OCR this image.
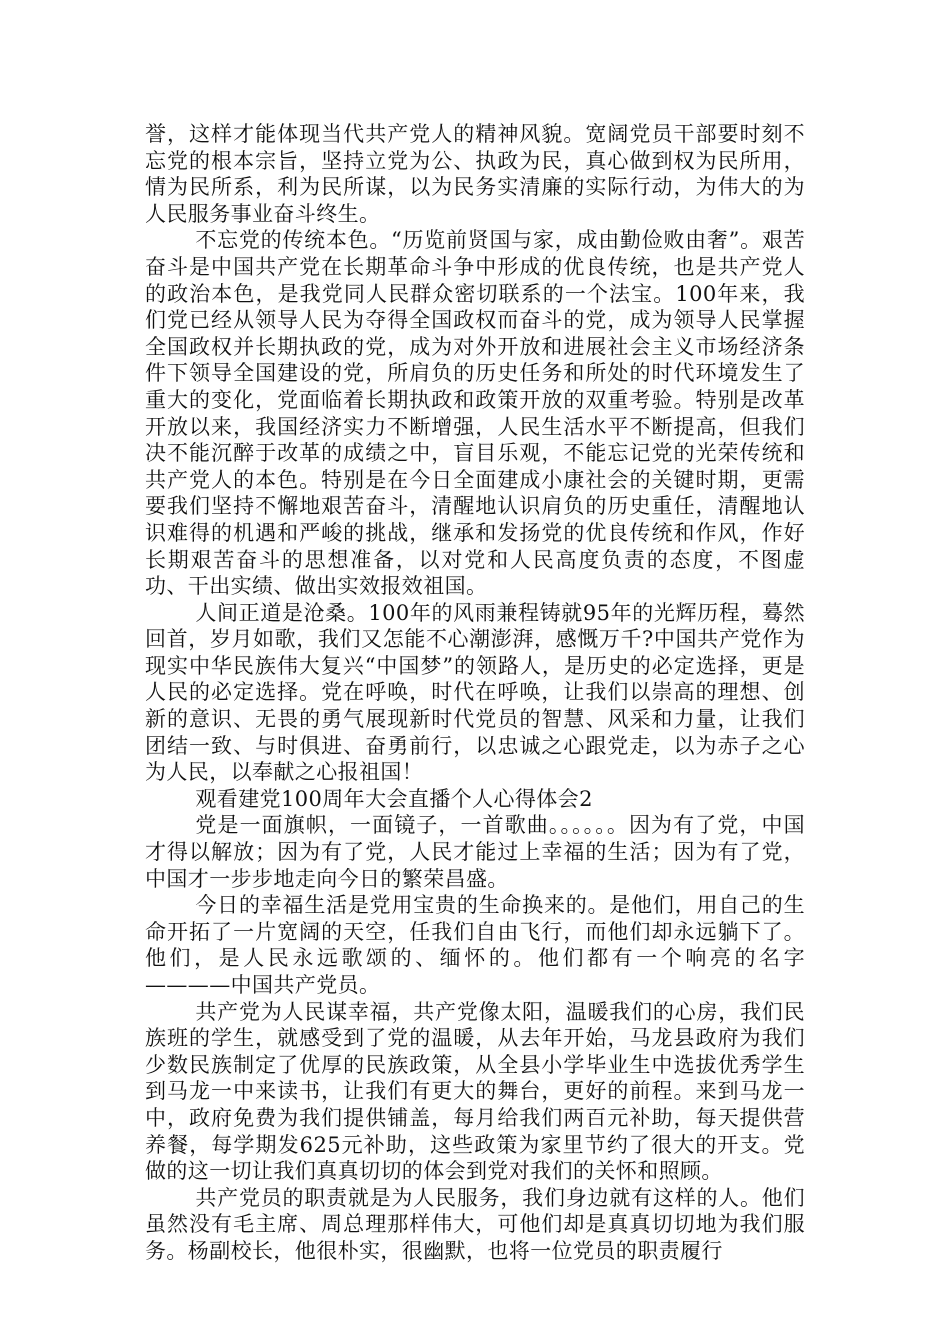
誉，这样才能体现当代共产党人的精神风貌。宽阔党员干部要时刻不忘党的根本宗旨，坚持立党为公、执政为民，真心做到权为民所用，情为民所系，利为民所谋，以为民务实清廉的实际行动，为伟大的为人民服务事业奋斗终生。

不忘党的传统本色。“历览前贤国与家，成由勤俭败由奢”。艰苦奋斗是中国共产党在长期革命斗争中形成的优良传统，也是共产党人的政治本色，是我党同人民群众密切联系的一个法宝。100年来，我们党已经从领导人民为夺得全国政权而奋斗的党，成为领导人民掌握全国政权并长期执政的党，成为对外开放和进展社会主义市场经济条件下领导全国建设的党，所肩负的历史任务和所处的时代环境发生了重大的变化，党面临着长期执政和政策开放的双重考验。特别是改革开放以来，我国经济实力不断增强，人民生活水平不断提高，但我们决不能沉醉于改革的成绩之中，盲目乐观，不能忘记党的光荣传统和共产党人的本色。特别是在今日全面建成小康社会的关键时期，更需要我们坚持不懈地艰苦奋斗，清醒地认识肩负的历史重任，清醒地认识难得的机遇和严峻的挑战，继承和发扬党的优良传统和作风，作好长期艰苦奋斗的思想准备，以对党和人民高度负责的态度，不图虚功、干出实绩、做出实效报效祖国。

人间正道是沧桑。100年的风雨兼程铸就95年的光辉历程，蓦然回首，岁月如歌，我们又怎能不心潮澎湃，感慨万千?中国共产党作为现实中华民族伟大复兴“中国梦”的领路人，是历史的必定选择，更是人民的必定选择。党在呼唤，时代在呼唤，让我们以崇高的理想、创新的意识、无畏的勇气展现新时代党员的智慧、风采和力量，让我们团结一致、与时俱进、奋勇前行，以忠诚之心跟党走，以为赤子之心为人民，以奉献之心报祖国！

观看建党100周年大会直播个人心得体会2

党是一面旗帜，一面镜子，一首歌曲。。。。。。因为有了党，中国才得以解放；因为有了党，人民才能过上幸福的生活；因为有了党，中国才一步步地走向今日的繁荣昌盛。

今日的幸福生活是党用宝贵的生命换来的。是他们，用自己的生命开拓了一片宽阔的天空，任我们自由飞行，而他们却永远躺下了。他们，是人民永远歌颂的、缅怀的。他们都有一个响亮的名字————中国共产党员。

共产党为人民谋幸福，共产党像太阳，温暖我们的心房，我们民族班的学生，就感受到了党的温暖，从去年开始，马龙县政府为我们少数民族制定了优厚的民族政策，从全县小学毕业生中选拔优秀学生到马龙一中来读书，让我们有更大的舞台，更好的前程。来到马龙一中，政府免费为我们提供铺盖，每月给我们两百元补助，每天提供营养餐，每学期发625元补助，这些政策为家里节约了很大的开支。党做的这一切让我们真真切切的体会到党对我们的关怀和照顾。

共产党员的职责就是为人民服务，我们身边就有这样的人。他们虽然没有毛主席、周总理那样伟大，可他们却是真真切切地为我们服务。杨副校长，他很朴实，很幽默，也将一位党员的职责履行
